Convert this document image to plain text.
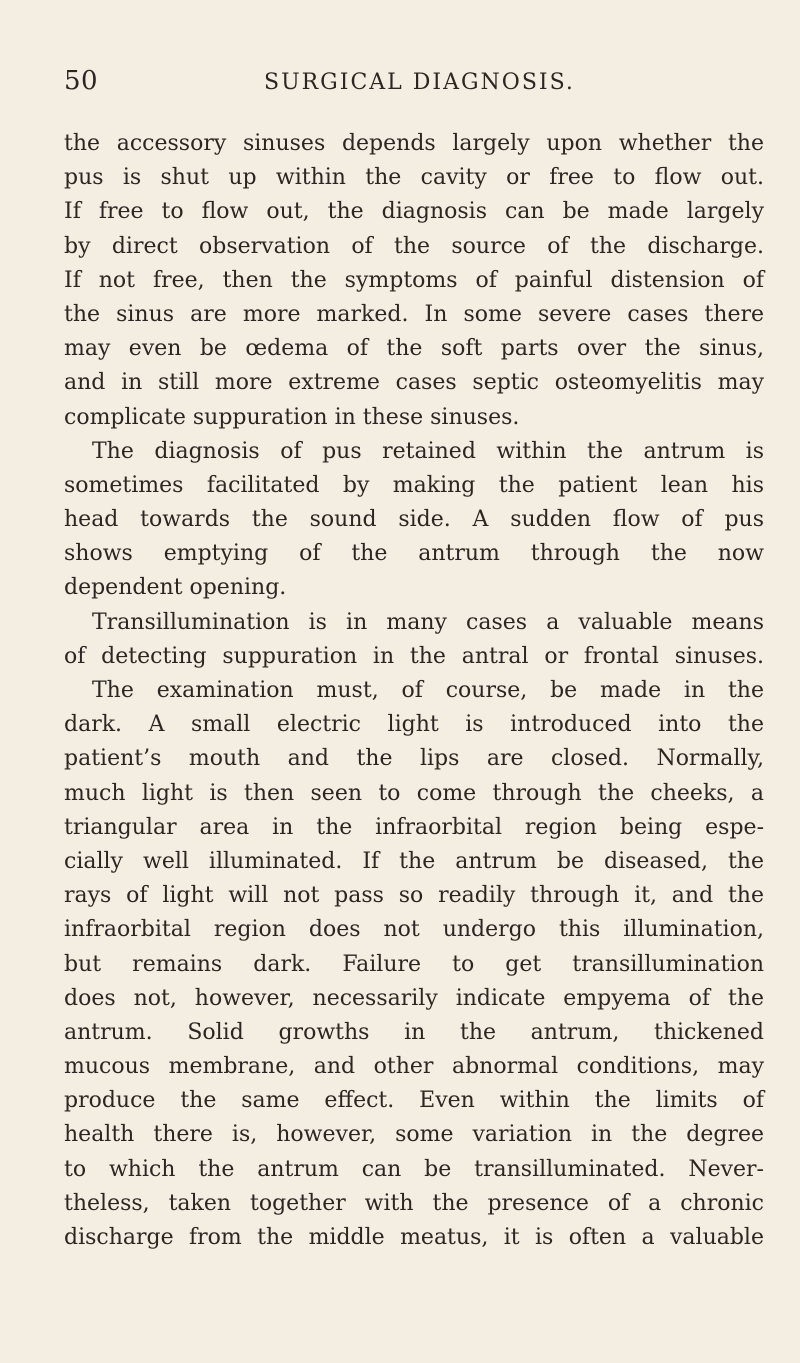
50	SURGICAL DIAGNOSIS.
the accessory sinuses depends largely upon whether the
pus is shut up within the cavity or free to flow out.
If free to flow out, the diagnosis can be made largely
by direct observation of the source of the discharge.
If not free, then the symptoms of painful distension of
the sinus are more marked. In some severe cases there
may even be œdema of the soft parts over the sinus,
and in still more extreme cases septic osteomyelitis may
complicate suppuration in these sinuses.
The diagnosis of pus retained within the antrum is
sometimes facilitated by making the patient lean his
head towards the sound side. A sudden flow of pus
shows emptying of the antrum through the now
dependent opening.
Transillumination is in many cases a valuable means
of detecting suppuration in the antral or frontal sinuses.
The examination must, of course, be made in the
dark. A small electric light is introduced into the
patient’s mouth and the lips are closed. Normally,
much light is then seen to come through the cheeks, a
triangular area in the infraorbital region being espe-
cially well illuminated. If the antrum be diseased, the
rays of light will not pass so readily through it, and the
infraorbital region does not undergo this illumination,
but remains dark. Failure to get transillumination
does not, however, necessarily indicate empyema of the
antrum. Solid growths in the antrum, thickened
mucous membrane, and other abnormal conditions, may
produce the same effect. Even within the limits of
health there is, however, some variation in the degree
to which the antrum can be transilluminated. Never-
theless, taken together with the presence of a chronic
discharge from the middle meatus, it is often a valuable
